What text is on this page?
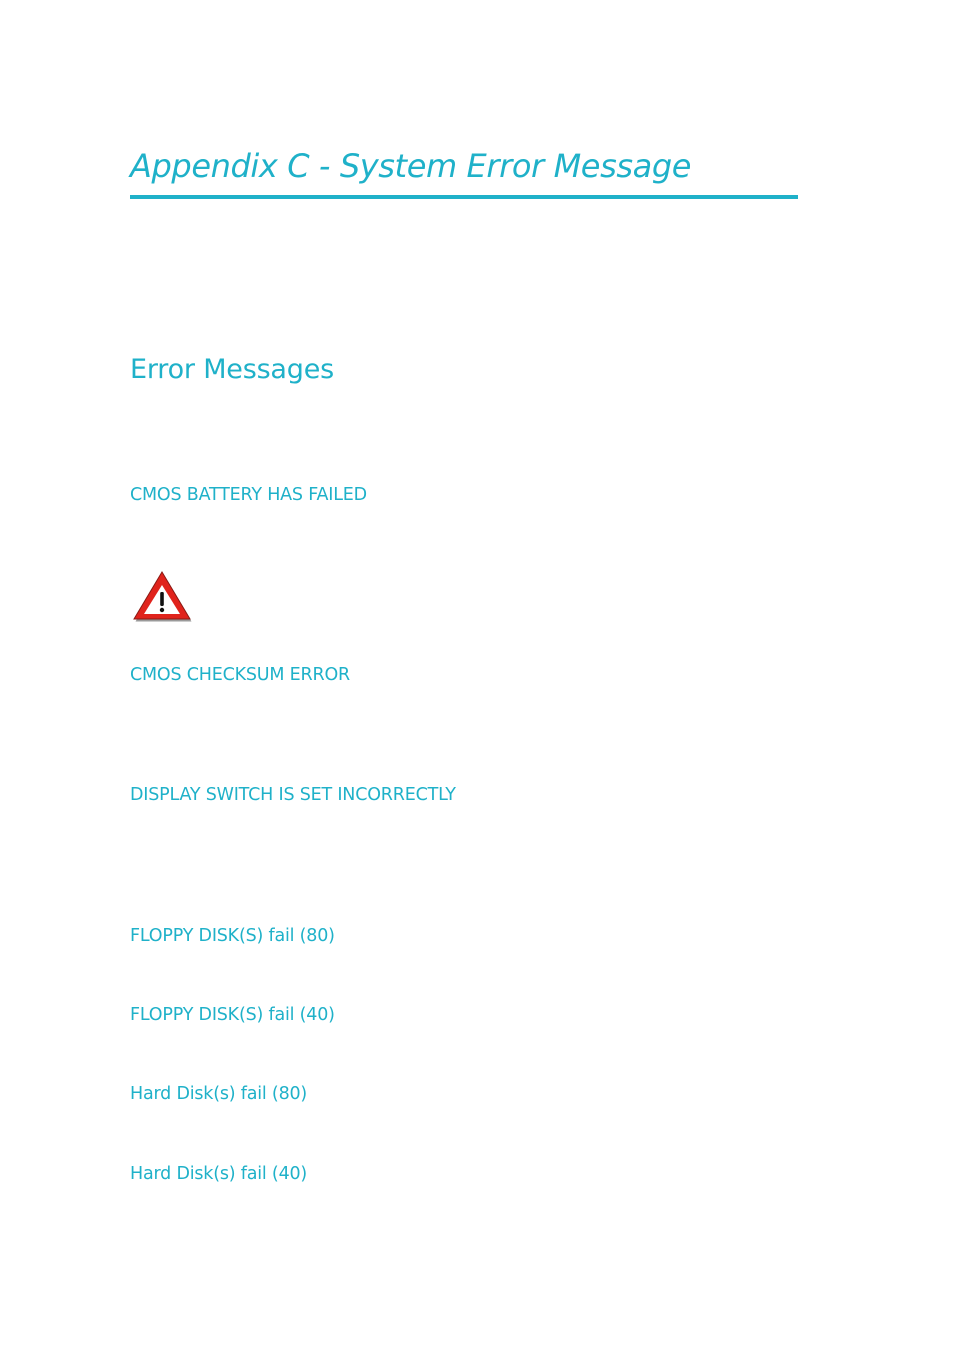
Appendix C - System Error Message
Error Messages
CMOS BATTERY HAS FAILED
CMOS CHECKSUM ERROR
DISPLAY SWITCH IS SET INCORRECTLY
FLOPPY DISK(S) fail (80)
FLOPPY DISK(S) fail (40)
Hard Disk(s) fail (80)
Hard Disk(s) fail (40)
